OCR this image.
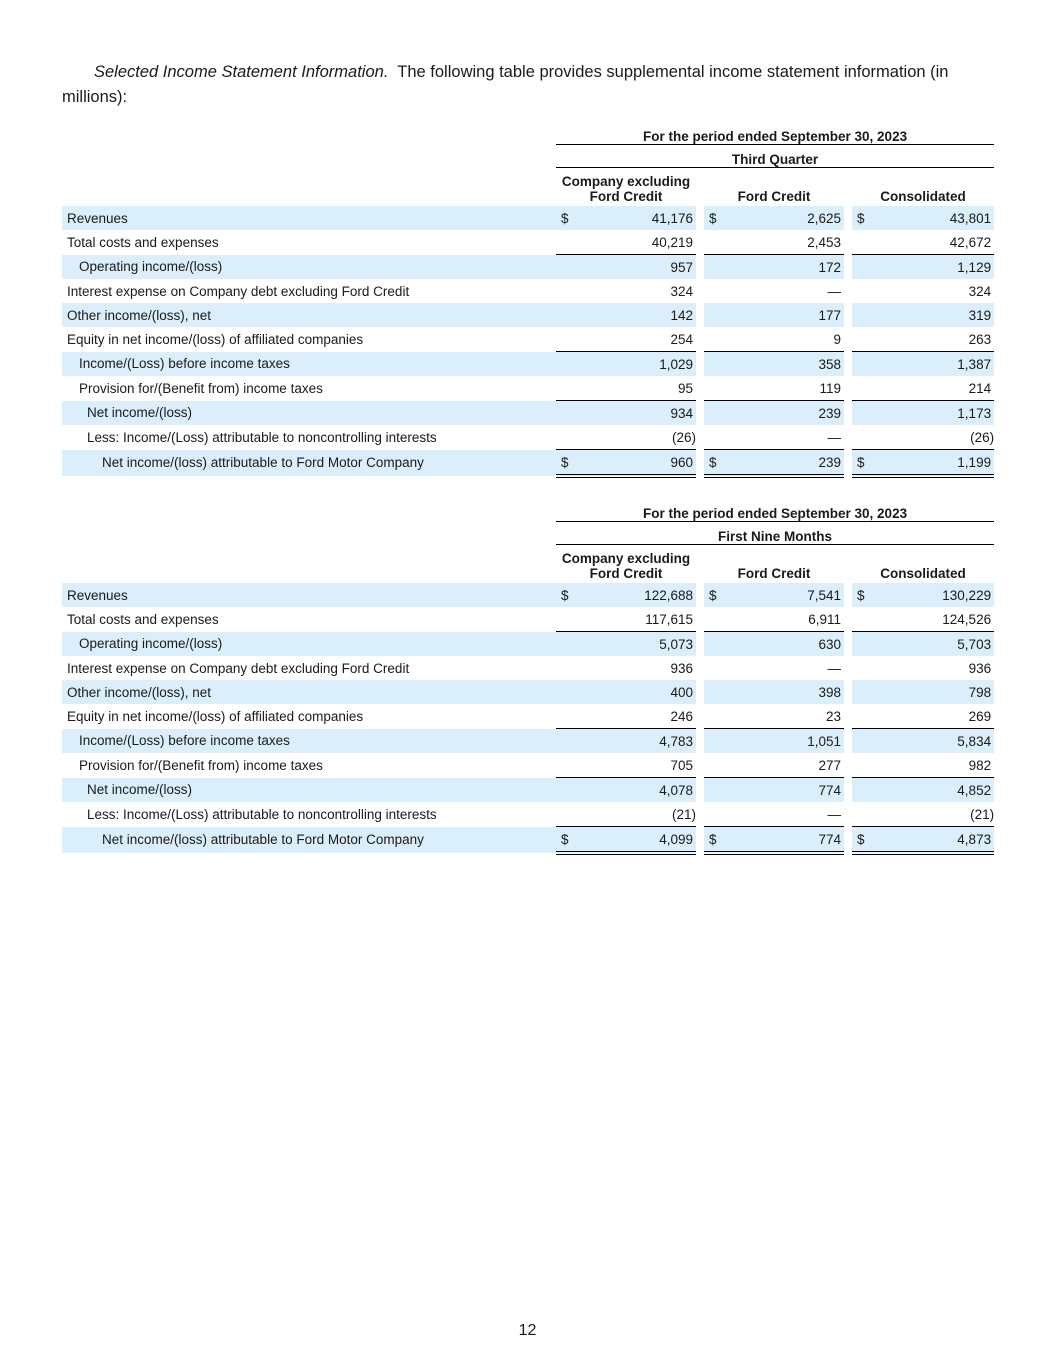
Selected Income Statement Information. The following table provides supplemental income statement information (in millions):

	For the period ended September 30, 2023							
	Third Quarter							
	Company excluding
Ford Credit			Ford Credit			Consolidated	
Revenues	$	41,176		$	2,625		$	43,801
Total costs and expenses		40,219			2,453			42,672
Operating income/(loss)		957			172			1,129
Interest expense on Company debt excluding Ford Credit		324			—			324
Other income/(loss), net		142			177			319
Equity in net income/(loss) of affiliated companies		254			9			263
Income/(Loss) before income taxes		1,029			358			1,387
Provision for/(Benefit from) income taxes		95			119			214
Net income/(loss)		934			239			1,173
Less: Income/(Loss) attributable to noncontrolling interests		(26)			—			(26)
Net income/(loss) attributable to Ford Motor Company	$	960		$	239		$	1,199
	For the period ended September 30, 2023							
	First Nine Months							
	Company excluding
Ford Credit			Ford Credit			Consolidated	
Revenues	$	122,688		$	7,541		$	130,229
Total costs and expenses		117,615			6,911			124,526
Operating income/(loss)		5,073			630			5,703
Interest expense on Company debt excluding Ford Credit		936			—			936
Other income/(loss), net		400			398			798
Equity in net income/(loss) of affiliated companies		246			23			269
Income/(Loss) before income taxes		4,783			1,051			5,834
Provision for/(Benefit from) income taxes		705			277			982
Net income/(loss)		4,078			774			4,852
Less: Income/(Loss) attributable to noncontrolling interests		(21)			—			(21)
Net income/(loss) attributable to Ford Motor Company	$	4,099		$	774		$	4,873
12
